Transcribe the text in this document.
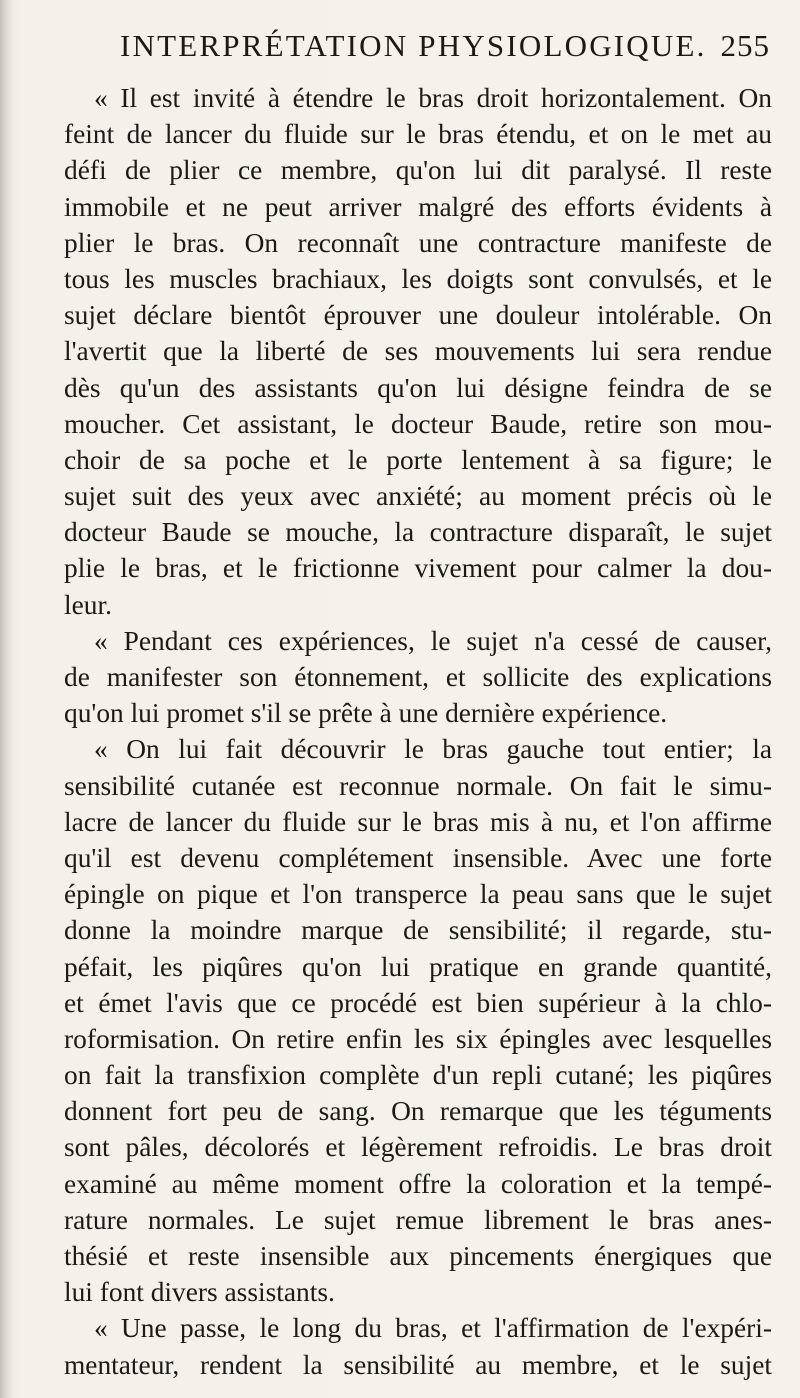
INTERPRÉTATION PHYSIOLOGIQUE. 255
« Il est invité à étendre le bras droit horizontalement. On
feint de lancer du fluide sur le bras étendu, et on le met au
défi de plier ce membre, qu'on lui dit paralysé. Il reste
immobile et ne peut arriver malgré des efforts évidents à
plier le bras. On reconnaît une contracture manifeste de
tous les muscles brachiaux, les doigts sont convulsés, et le
sujet déclare bientôt éprouver une douleur intolérable. On
l'avertit que la liberté de ses mouvements lui sera rendue
dès qu'un des assistants qu'on lui désigne feindra de se
moucher. Cet assistant, le docteur Baude, retire son mou-
choir de sa poche et le porte lentement à sa figure; le
sujet suit des yeux avec anxiété; au moment précis où le
docteur Baude se mouche, la contracture disparaît, le sujet
plie le bras, et le frictionne vivement pour calmer la dou-
leur.
« Pendant ces expériences, le sujet n'a cessé de causer,
de manifester son étonnement, et sollicite des explications
qu'on lui promet s'il se prête à une dernière expérience.
« On lui fait découvrir le bras gauche tout entier; la
sensibilité cutanée est reconnue normale. On fait le simu-
lacre de lancer du fluide sur le bras mis à nu, et l'on affirme
qu'il est devenu complétement insensible. Avec une forte
épingle on pique et l'on transperce la peau sans que le sujet
donne la moindre marque de sensibilité; il regarde, stu-
péfait, les piqûres qu'on lui pratique en grande quantité,
et émet l'avis que ce procédé est bien supérieur à la chlo-
roformisation. On retire enfin les six épingles avec lesquelles
on fait la transfixion complète d'un repli cutané; les piqûres
donnent fort peu de sang. On remarque que les téguments
sont pâles, décolorés et légèrement refroidis. Le bras droit
examiné au même moment offre la coloration et la tempé-
rature normales. Le sujet remue librement le bras anes-
thésié et reste insensible aux pincements énergiques que
lui font divers assistants.
« Une passe, le long du bras, et l'affirmation de l'expéri-
mentateur, rendent la sensibilité au membre, et le sujet
